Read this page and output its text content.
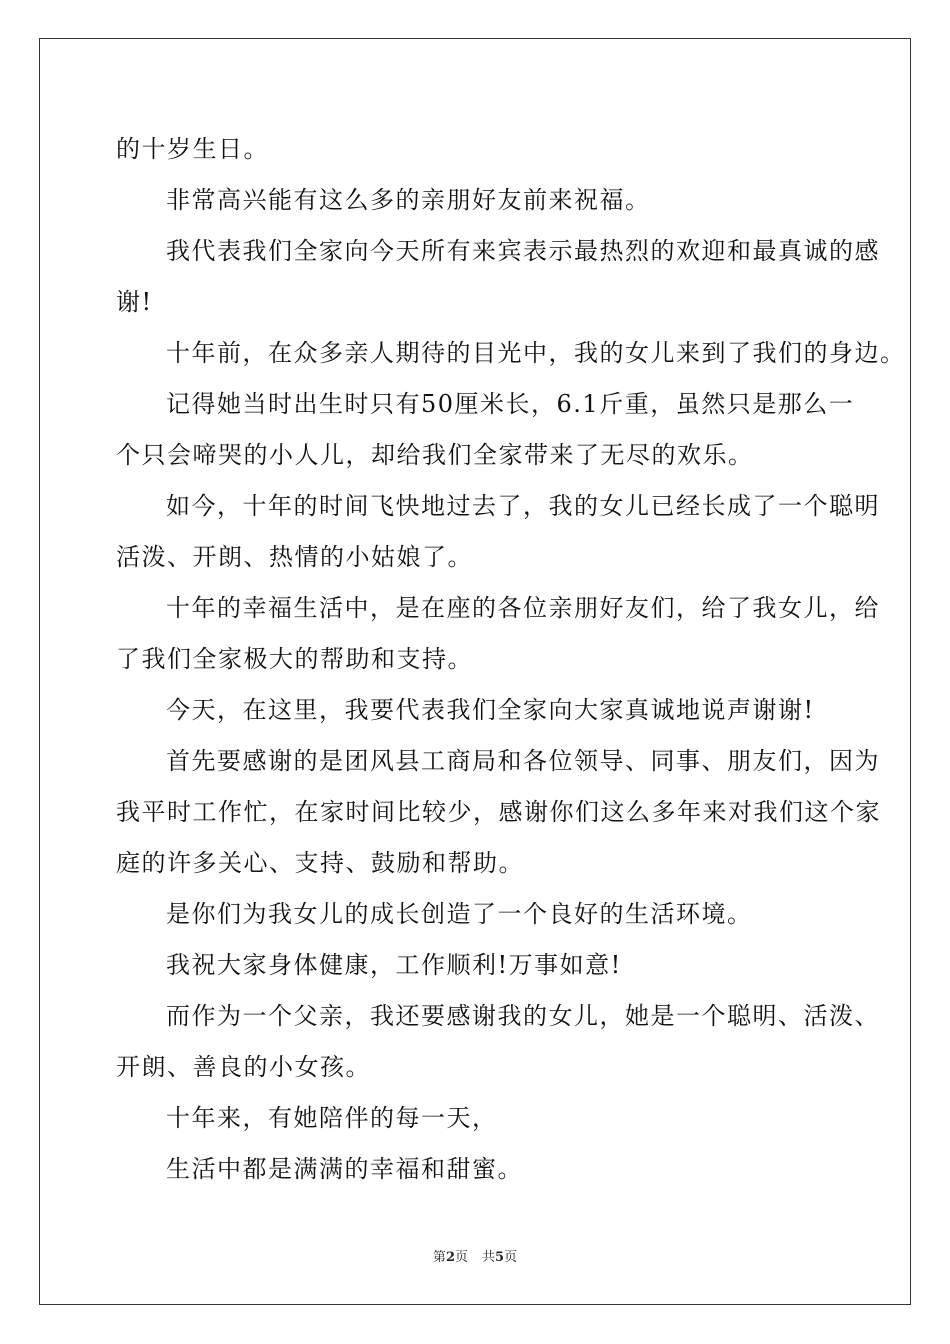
的十岁生日。
非常高兴能有这么多的亲朋好友前来祝福。
我代表我们全家向今天所有来宾表示最热烈的欢迎和最真诚的感
谢!
十年前，在众多亲人期待的目光中，我的女儿来到了我们的身边。
记得她当时出生时只有50厘米长，6.1斤重，虽然只是那么一
个只会啼哭的小人儿，却给我们全家带来了无尽的欢乐。
如今，十年的时间飞快地过去了，我的女儿已经长成了一个聪明
活泼、开朗、热情的小姑娘了。
十年的幸福生活中，是在座的各位亲朋好友们，给了我女儿，给
了我们全家极大的帮助和支持。
今天，在这里，我要代表我们全家向大家真诚地说声谢谢!
首先要感谢的是团风县工商局和各位领导、同事、朋友们，因为
我平时工作忙，在家时间比较少，感谢你们这么多年来对我们这个家
庭的许多关心、支持、鼓励和帮助。
是你们为我女儿的成长创造了一个良好的生活环境。
我祝大家身体健康，工作顺利!万事如意!
而作为一个父亲，我还要感谢我的女儿，她是一个聪明、活泼、
开朗、善良的小女孩。
十年来，有她陪伴的每一天，
生活中都是满满的幸福和甜蜜。
第2页 共5页
